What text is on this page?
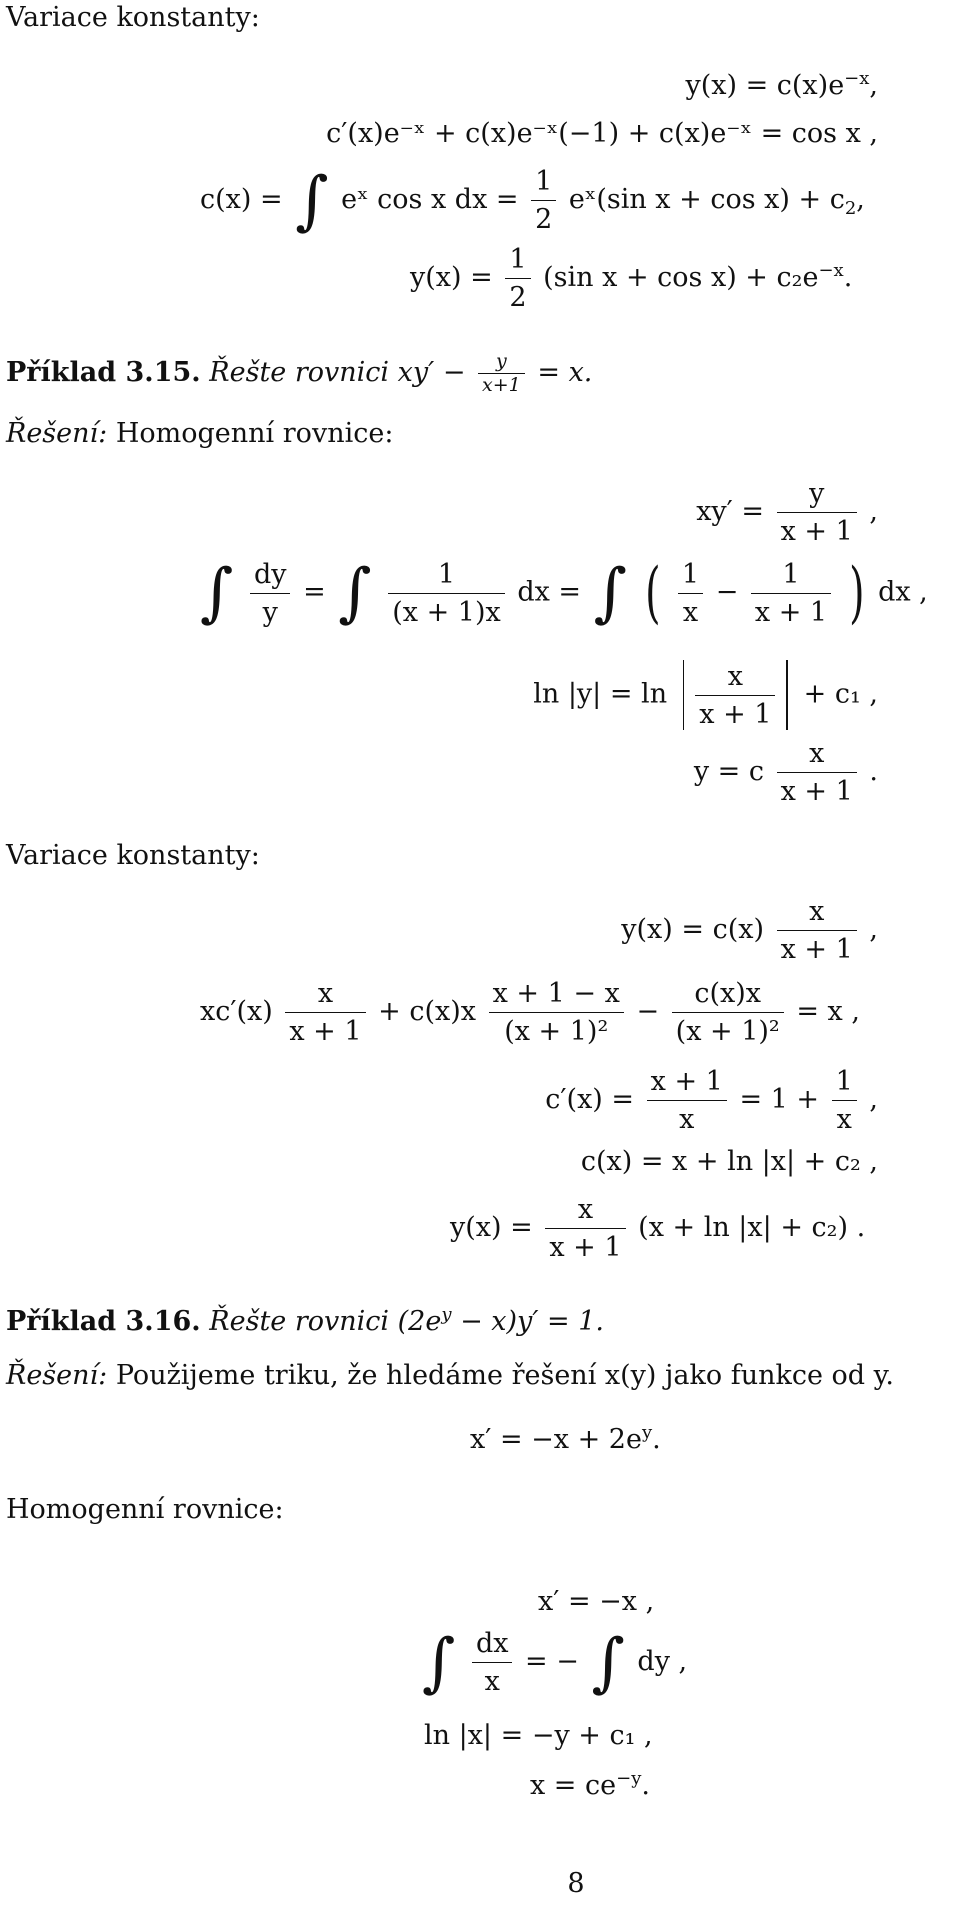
Variace konstanty:
$y(x) = c(x)e^{-x}$,
c′(x)e⁻ˣ + c(x)e⁻ˣ(−1) + c(x)e⁻ˣ = cos x ,
c(x) = ∫ eˣ cos x dx = $\frac{1}{2}$ eˣ(sin $x + \cos x) + c_2$,
$y(x) = \frac{1}{2} (\sin$ $x + \cos x) + c_2e^{-x}$.
Příklad 3.15. Řešte rovnici $xy' - \frac{y}{x+1} = x$.
Řešení: Homogenní rovnice:
$xy' = \frac{y}{x + 1}$ ,
∫ $\frac{dy}{y}$ = ∫ $\frac{1}{(x + 1)x}$ dx = ∫ ( $\frac{1}{x} - \frac{1}{x + 1}$ ) dx ,
$\ln |y| = \ln \frac{x}{x + 1} + c_1$ ,
y = c $\frac{x}{x + 1}$ .
Variace konstanty:
$y(x) = c(x) \frac{x}{x + 1}$ ,
$xc'(x) \frac{x}{x + 1} + c(x)x \frac{x + 1 - x}{\text{(x + 1)²}} - \frac{c(x)x}{\text{(x + 1)²}} = x$ ,
$c'(x) = \frac{x + 1}{x} = 1 + \frac{1}{x}$ ,
c(x) = x + ln |x| + c₂ ,
$y(x) = \frac{x}{x + 1} (x + \ln |x| + c_2)$ .
Příklad 3.16. Řešte rovnici $(2e^y - x)y' = 1$.
Řešení: Použijeme triku, že hledáme řešení x(y) jako funkce od y.
$x' = -x + 2e^y$.
Homogenní rovnice:
x′ = −x ,
∫ $\frac{dx}{x}$ = − ∫ dy ,
ln |x| = −y + c₁ ,
$x = ce^{-y}$.
8
